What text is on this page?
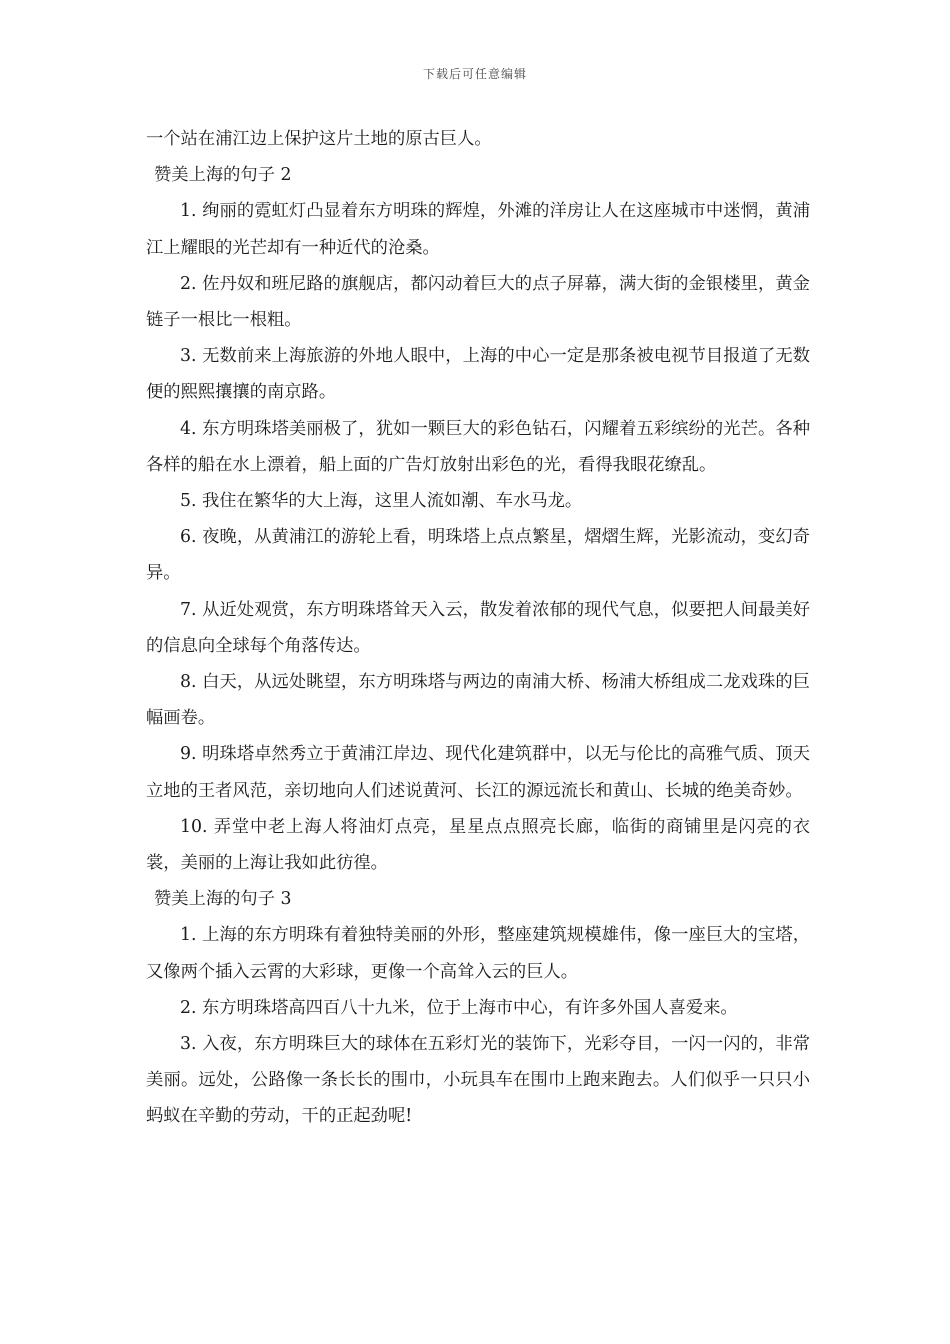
下载后可任意编辑

一个站在浦江边上保护这片土地的原古巨人。

赞美上海的句子 2

1. 绚丽的霓虹灯凸显着东方明珠的辉煌，外滩的洋房让人在这座城市中迷惘，黄浦江上耀眼的光芒却有一种近代的沧桑。

2. 佐丹奴和班尼路的旗舰店，都闪动着巨大的点子屏幕，满大街的金银楼里，黄金链子一根比一根粗。

3. 无数前来上海旅游的外地人眼中，上海的中心一定是那条被电视节目报道了无数便的熙熙攘攘的南京路。

4. 东方明珠塔美丽极了，犹如一颗巨大的彩色钻石，闪耀着五彩缤纷的光芒。各种各样的船在水上漂着，船上面的广告灯放射出彩色的光，看得我眼花缭乱。

5. 我住在繁华的大上海，这里人流如潮、车水马龙。

6. 夜晚，从黄浦江的游轮上看，明珠塔上点点繁星，熠熠生辉，光影流动，变幻奇异。

7. 从近处观赏，东方明珠塔耸天入云，散发着浓郁的现代气息，似要把人间最美好的信息向全球每个角落传达。

8. 白天，从远处眺望，东方明珠塔与两边的南浦大桥、杨浦大桥组成二龙戏珠的巨幅画卷。

9. 明珠塔卓然秀立于黄浦江岸边、现代化建筑群中，以无与伦比的高雅气质、顶天立地的王者风范，亲切地向人们述说黄河、长江的源远流长和黄山、长城的绝美奇妙。

10. 弄堂中老上海人将油灯点亮，星星点点照亮长廊，临街的商铺里是闪亮的衣裳，美丽的上海让我如此彷徨。

赞美上海的句子 3

1. 上海的东方明珠有着独特美丽的外形，整座建筑规模雄伟，像一座巨大的宝塔，又像两个插入云霄的大彩球，更像一个高耸入云的巨人。

2. 东方明珠塔高四百八十九米，位于上海市中心，有许多外国人喜爱来。

3. 入夜，东方明珠巨大的球体在五彩灯光的装饰下，光彩夺目，一闪一闪的，非常美丽。远处，公路像一条长长的围巾，小玩具车在围巾上跑来跑去。人们似乎一只只小蚂蚁在辛勤的劳动，干的正起劲呢!
